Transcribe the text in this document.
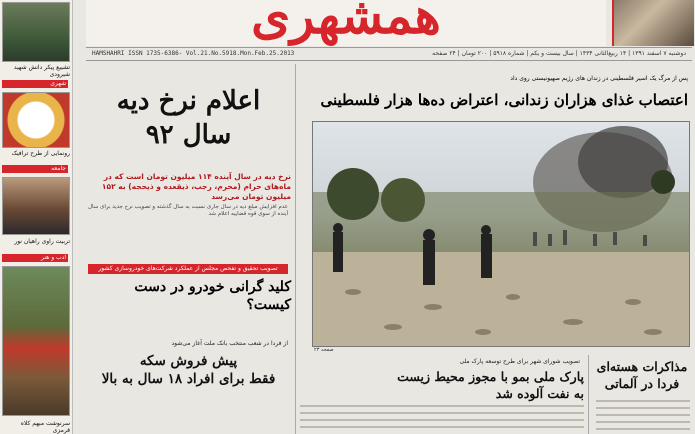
تشییع پیکر دانش شهید شیرودی
شهری
رونمایی از طرح ترافیک
جامعه
تربیت راوی راهیان نور
ادب و هنر
سرنوشت مبهم کلاه قرمزی
همشهری
HAMSHAHRI ISSN 1735-6386- Vol.21.No.5918.Mon.Feb.25.2013	دوشنبه ۷ اسفند ۱۳۹۱ | ۱۴ ربیع‌الثانی ۱۴۳۴ | سال بیست و یکم | شماره ۵۹۱۸ | ۲۰۰ تومان | ۲۴ صفحه
اعلام نرخ دیه
سال ۹۲
نرخ دیه در سال آینده ۱۱۴ میلیون تومان است که در ماه‌های حرام (محرم، رجب، ذیقعده و ذیحجه) به ۱۵۲ میلیون تومان می‌رسد
عدم افزایش مبلغ دیه در سال جاری نسبت به سال گذشته و تصویب نرخ جدید برای سال آینده از سوی قوه قضاییه اعلام شد
تصویب تحقیق و تفحص مجلس از عملکرد شرکت‌های خودروسازی کشور
کلید گرانی خودرو در دست کیست؟
از فردا در شعب منتخب بانک ملت آغاز می‌شود
پیش فروش سکه
فقط برای افراد ۱۸ سال به بالا
پس از مرگ یک اسیر فلسطینی در زندان های رژیم صهیونیستی روی داد
اعتصاب غذای هزاران زندانی، اعتراض ده‌ها هزار فلسطینی
صفحه ۲۳
تصویب شورای شهر برای طرح توسعه پارک ملی
پارک ملی بمو با مجوز محیط زیست
به نفت آلوده شد
مذاکرات هسته‌ای
فردا در آلماتی
